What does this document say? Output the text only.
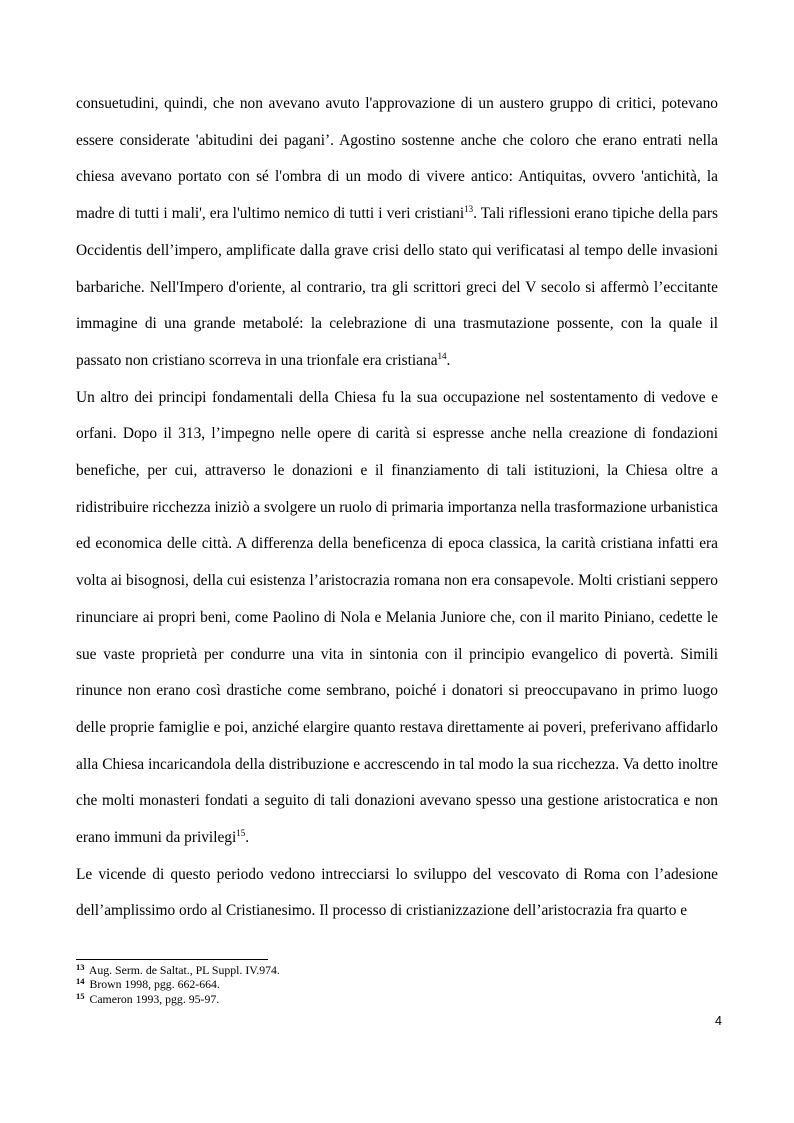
consuetudini, quindi, che non avevano avuto l'approvazione di un austero gruppo di critici, potevano essere considerate 'abitudini dei pagani’. Agostino sostenne anche che coloro che erano entrati nella chiesa avevano portato con sé l'ombra di un modo di vivere antico: Antiquitas, ovvero 'antichità, la madre di tutti i mali', era l'ultimo nemico di tutti i veri cristiani$^{13}$. Tali riflessioni erano tipiche della pars Occidentis dell’impero, amplificate dalla grave crisi dello stato qui verificatasi al tempo delle invasioni barbariche. Nell'Impero d'oriente, al contrario, tra gli scrittori greci del V secolo si affermò l’eccitante immagine di una grande metabolé: la celebrazione di una trasmutazione possente, con la quale il passato non cristiano scorreva in una trionfale era cristiana$^{14}$.

Un altro dei principi fondamentali della Chiesa fu la sua occupazione nel sostentamento di vedove e orfani. Dopo il 313, l’impegno nelle opere di carità si espresse anche nella creazione di fondazioni benefiche, per cui, attraverso le donazioni e il finanziamento di tali istituzioni, la Chiesa oltre a ridistribuire ricchezza iniziò a svolgere un ruolo di primaria importanza nella trasformazione urbanistica ed economica delle città. A differenza della beneficenza di epoca classica, la carità cristiana infatti era volta ai bisognosi, della cui esistenza l’aristocrazia romana non era consapevole. Molti cristiani seppero rinunciare ai propri beni, come Paolino di Nola e Melania Juniore che, con il marito Piniano, cedette le sue vaste proprietà per condurre una vita in sintonia con il principio evangelico di povertà. Simili rinunce non erano così drastiche come sembrano, poiché i donatori si preoccupavano in primo luogo delle proprie famiglie e poi, anziché elargire quanto restava direttamente ai poveri, preferivano affidarlo alla Chiesa incaricandola della distribuzione e accrescendo in tal modo la sua ricchezza. Va detto inoltre che molti monasteri fondati a seguito di tali donazioni avevano spesso una gestione aristocratica e non erano immuni da privilegi$^{15}$.

Le vicende di questo periodo vedono intrecciarsi lo sviluppo del vescovato di Roma con l’adesione dell’amplissimo ordo al Cristianesimo. Il processo di cristianizzazione dell’aristocrazia fra quarto e

$^{13}$ Aug. Serm. de Saltat., PL Suppl. IV.974.
$^{14}$ Brown 1998, pgg. 662-664.
$^{15}$ Cameron 1993, pgg. 95-97.
4
